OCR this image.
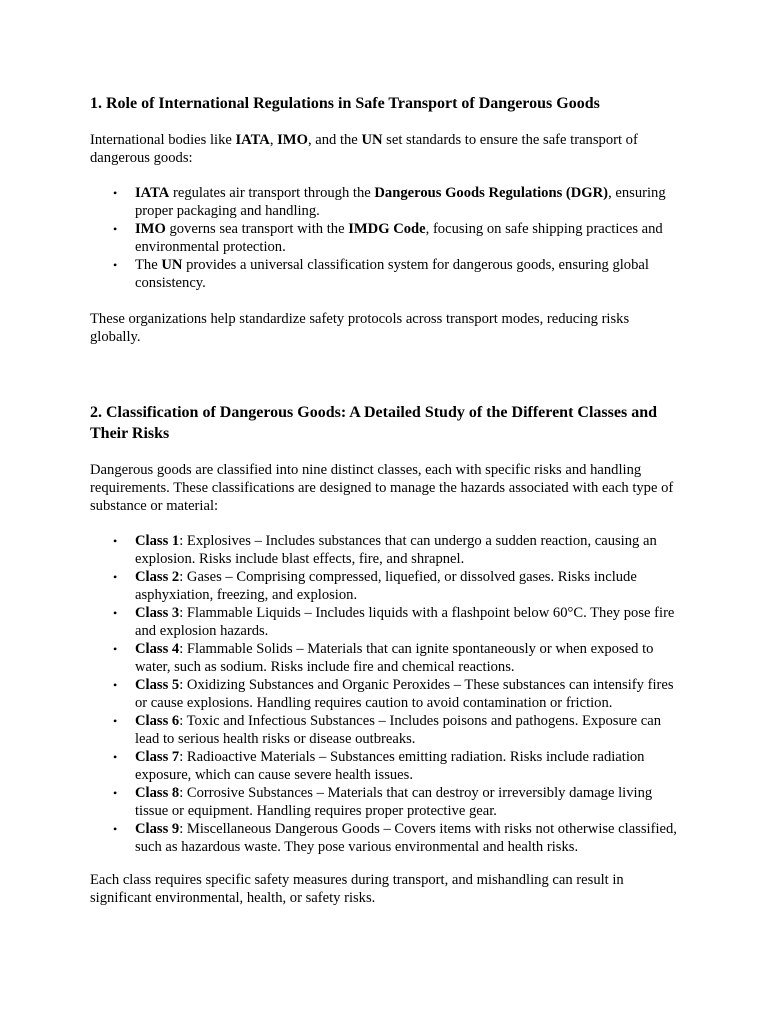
1. Role of International Regulations in Safe Transport of Dangerous Goods

International bodies like IATA, IMO, and the UN set standards to ensure the safe transport of dangerous goods:

• IATA regulates air transport through the Dangerous Goods Regulations (DGR), ensuring proper packaging and handling.
• IMO governs sea transport with the IMDG Code, focusing on safe shipping practices and environmental protection.
• The UN provides a universal classification system for dangerous goods, ensuring global consistency.

These organizations help standardize safety protocols across transport modes, reducing risks globally.

2. Classification of Dangerous Goods: A Detailed Study of the Different Classes and Their Risks

Dangerous goods are classified into nine distinct classes, each with specific risks and handling requirements. These classifications are designed to manage the hazards associated with each type of substance or material:

• Class 1: Explosives – Includes substances that can undergo a sudden reaction, causing an explosion. Risks include blast effects, fire, and shrapnel.
• Class 2: Gases – Comprising compressed, liquefied, or dissolved gases. Risks include asphyxiation, freezing, and explosion.
• Class 3: Flammable Liquids – Includes liquids with a flashpoint below 60°C. They pose fire and explosion hazards.
• Class 4: Flammable Solids – Materials that can ignite spontaneously or when exposed to water, such as sodium. Risks include fire and chemical reactions.
• Class 5: Oxidizing Substances and Organic Peroxides – These substances can intensify fires or cause explosions. Handling requires caution to avoid contamination or friction.
• Class 6: Toxic and Infectious Substances – Includes poisons and pathogens. Exposure can lead to serious health risks or disease outbreaks.
• Class 7: Radioactive Materials – Substances emitting radiation. Risks include radiation exposure, which can cause severe health issues.
• Class 8: Corrosive Substances – Materials that can destroy or irreversibly damage living tissue or equipment. Handling requires proper protective gear.
• Class 9: Miscellaneous Dangerous Goods – Covers items with risks not otherwise classified, such as hazardous waste. They pose various environmental and health risks.

Each class requires specific safety measures during transport, and mishandling can result in significant environmental, health, or safety risks.
